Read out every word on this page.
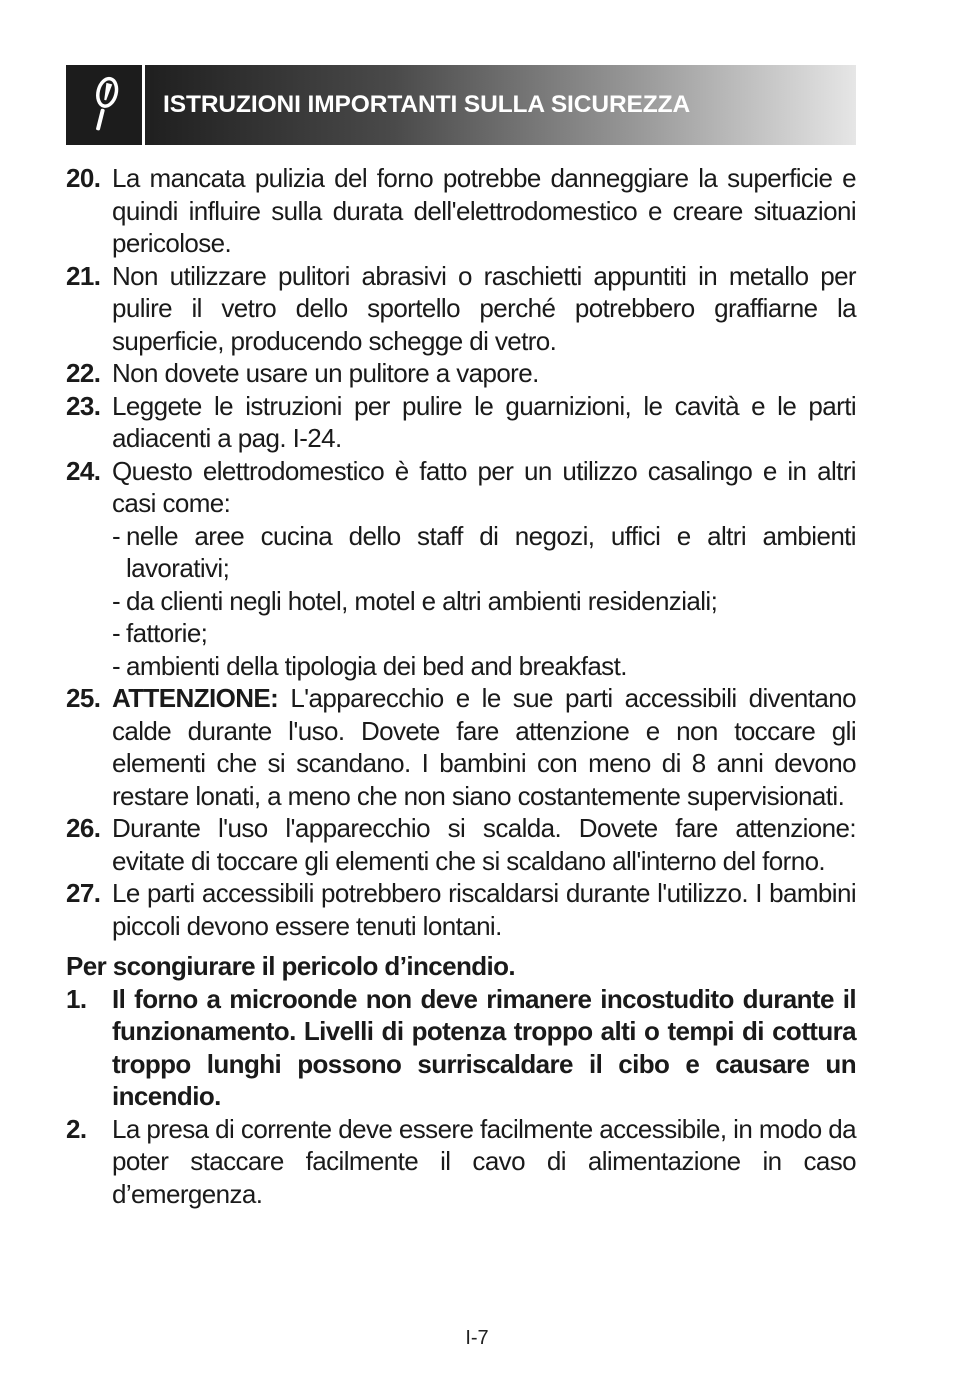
ISTRUZIONI IMPORTANTI SULLA SICUREZZA
20. La mancata pulizia del forno potrebbe danneggiare la superficie e quindi influire sulla durata dell'elettrodomestico e creare situazioni pericolose.
21. Non utilizzare pulitori abrasivi o raschietti appuntiti in metallo per pulire il vetro dello sportello perché potrebbero graffiarne la superficie, producendo schegge di vetro.
22. Non dovete usare un pulitore a vapore.
23. Leggete le istruzioni per pulire le guarnizioni, le cavità e le parti adiacenti a pag. I-24.
24. Questo elettrodomestico è fatto per un utilizzo casalingo e in altri casi come:
- nelle aree cucina dello staff di negozi, uffici e altri ambienti lavorativi;
- da clienti negli hotel, motel e altri ambienti residenziali;
- fattorie;
- ambienti della tipologia dei bed and breakfast.
25. ATTENZIONE: L'apparecchio e le sue parti accessibili diventano calde durante l'uso. Dovete fare attenzione e non toccare gli elementi che si scandano. I bambini con meno di 8 anni devono restare lonati, a meno che non siano costantemente supervisionati.
26. Durante l'uso l'apparecchio si scalda. Dovete fare attenzione: evitate di toccare gli elementi che si scaldano all'interno del forno.
27. Le parti accessibili potrebbero riscaldarsi durante l'utilizzo. I bambini piccoli devono essere tenuti lontani.
Per scongiurare il pericolo d’incendio.
1. Il forno a microonde non deve rimanere incostudito durante il funzionamento. Livelli di potenza troppo alti o tempi di cottura troppo lunghi possono surriscaldare il cibo e causare un incendio.
2. La presa di corrente deve essere facilmente accessibile, in modo da poter staccare facilmente il cavo di alimentazione in caso d’emergenza.
I-7
